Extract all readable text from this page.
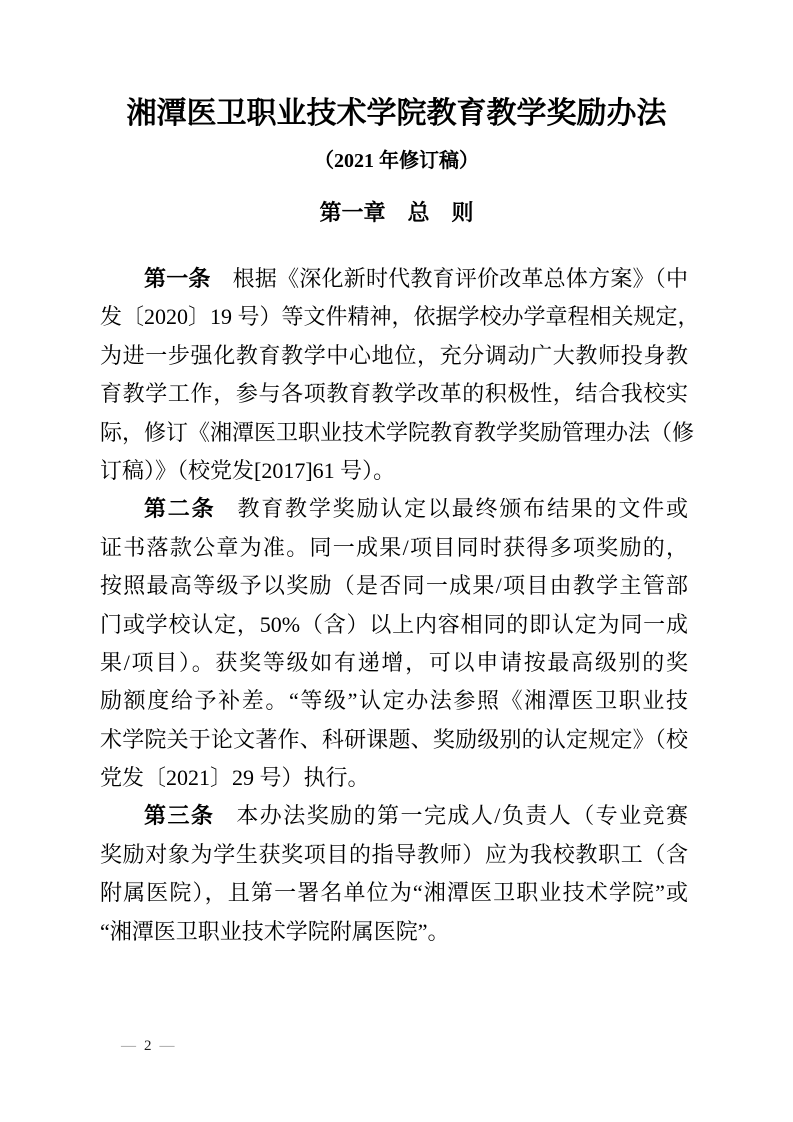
湘潭医卫职业技术学院教育教学奖励办法
（2021 年修订稿）
第一章　总　则
第一条 根据《深化新时代教育评价改革总体方案》（中
发〔2020〕19 号）等文件精神，依据学校办学章程相关规定，
为进一步强化教育教学中心地位，充分调动广大教师投身教
育教学工作，参与各项教育教学改革的积极性，结合我校实
际，修订《湘潭医卫职业技术学院教育教学奖励管理办法（修
订稿）》（校党发[2017]61 号）。
第二条 教育教学奖励认定以最终颁布结果的文件或
证书落款公章为准。同一成果/项目同时获得多项奖励的，
按照最高等级予以奖励（是否同一成果/项目由教学主管部
门或学校认定，50%（含）以上内容相同的即认定为同一成
果/项目）。获奖等级如有递增，可以申请按最高级别的奖
励额度给予补差。“等级”认定办法参照《湘潭医卫职业技
术学院关于论文著作、科研课题、奖励级别的认定规定》（校
党发〔2021〕29 号）执行。
第三条 本办法奖励的第一完成人/负责人（专业竞赛
奖励对象为学生获奖项目的指导教师）应为我校教职工（含
附属医院），且第一署名单位为“湘潭医卫职业技术学院”或
“湘潭医卫职业技术学院附属医院”。
— 2 —
